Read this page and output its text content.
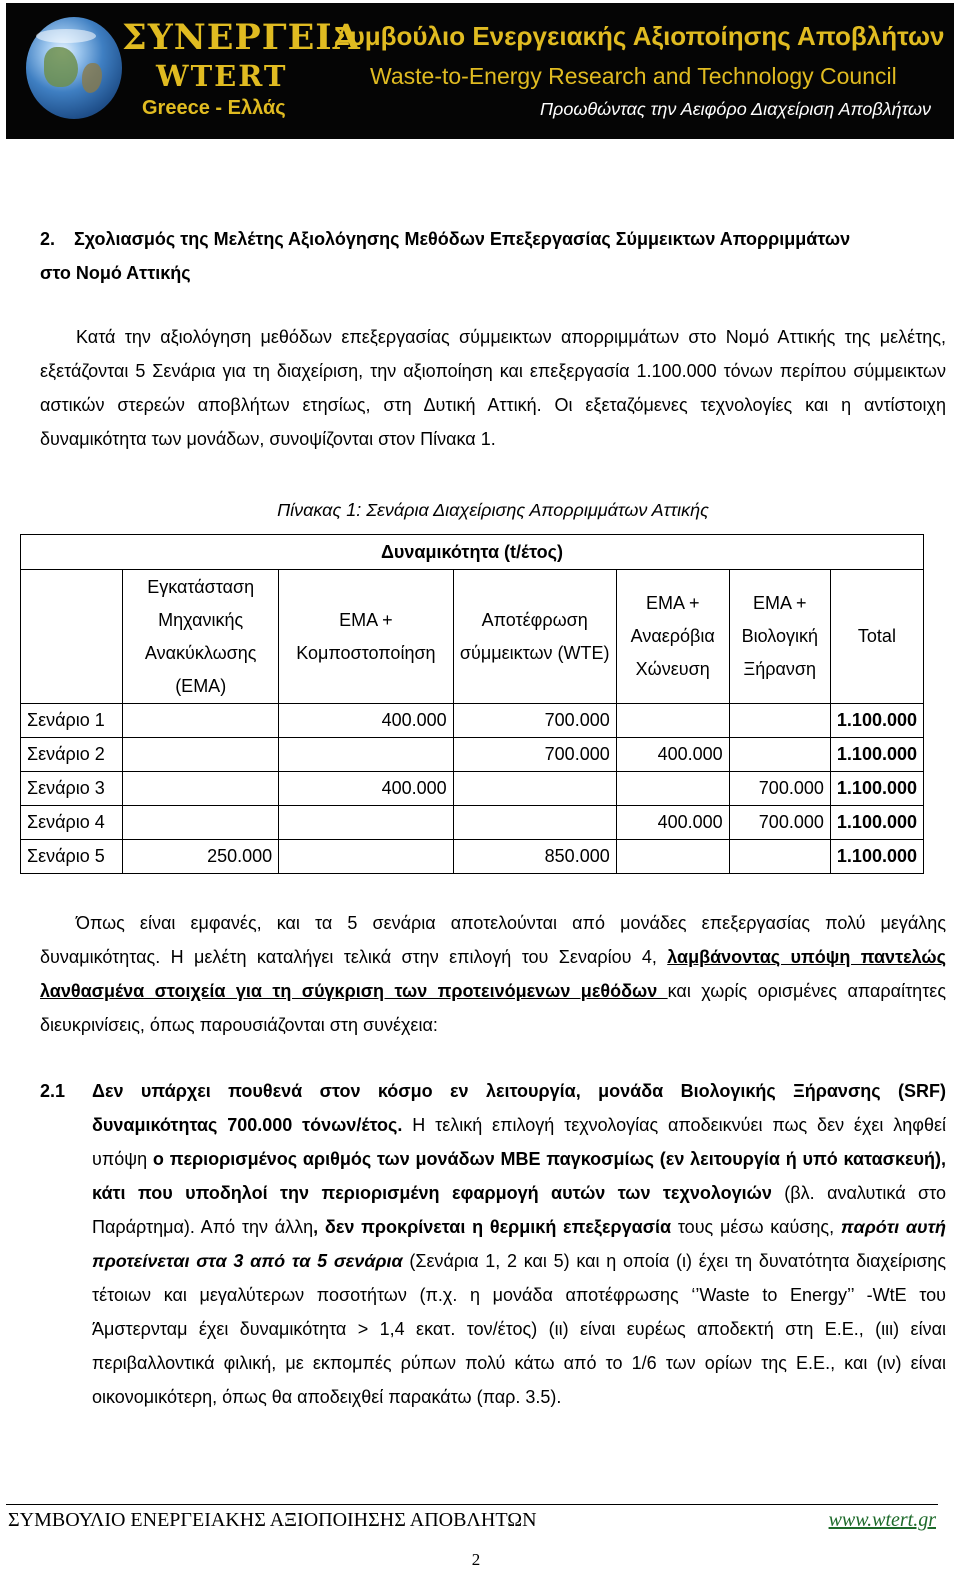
ΣΥΝΕΡΓΕΙΑ
WTERT
Greece - Ελλάς
Συμβούλιο Ενεργειακής Αξιοποίησης Αποβλήτων
Waste-to-Energy Research and Technology Council
Προωθώντας την Αειφόρο Διαχείριση Αποβλήτων
2. Σχολιασμός της Μελέτης Αξιολόγησης Μεθόδων Επεξεργασίας Σύμμεικτων Απορριμμάτων
στο Νομό Αττικής
Κατά την αξιολόγηση μεθόδων επεξεργασίας σύμμεικτων απορριμμάτων στο Νομό Αττικής της μελέτης, εξετάζονται 5 Σενάρια για τη διαχείριση, την αξιοποίηση και επεξεργασία 1.100.000 τόνων περίπου σύμμεικτων αστικών στερεών αποβλήτων ετησίως, στη Δυτική Αττική. Οι εξεταζόμενες τεχνολογίες και η αντίστοιχη δυναμικότητα των μονάδων, συνοψίζονται στον Πίνακα 1.
Πίνακας 1: Σενάρια Διαχείρισης Απορριμμάτων Αττικής
Δυναμικότητα (t/έτος)						
	Εγκατάσταση Μηχανικής Ανακύκλωσης (ΕΜΑ)	ΕΜΑ + Κομποστοποίηση	Αποτέφρωση σύμμεικτων (WTE)	ΕΜΑ + Αναερόβια Χώνευση	ΕΜΑ + Βιολογική Ξήρανση	Total
Σενάριο 1		400.000	700.000			1.100.000
Σενάριο 2			700.000	400.000		1.100.000
Σενάριο 3		400.000			700.000	1.100.000
Σενάριο 4				400.000	700.000	1.100.000
Σενάριο 5	250.000		850.000			1.100.000
Όπως είναι εμφανές, και τα 5 σενάρια αποτελούνται από μονάδες επεξεργασίας πολύ μεγάλης δυναμικότητας. Η μελέτη καταλήγει τελικά στην επιλογή του Σεναρίου 4, λαμβάνοντας υπόψη παντελώς λανθασμένα στοιχεία για τη σύγκριση των προτεινόμενων μεθόδων και χωρίς ορισμένες απαραίτητες διευκρινίσεις, όπως παρουσιάζονται στη συνέχεια:
2.1 Δεν υπάρχει πουθενά στον κόσμο εν λειτουργία, μονάδα Βιολογικής Ξήρανσης (SRF) δυναμικότητας 700.000 τόνων/έτος. Η τελική επιλογή τεχνολογίας αποδεικνύει πως δεν έχει ληφθεί υπόψη ο περιορισμένος αριθμός των μονάδων ΜΒΕ παγκοσμίως (εν λειτουργία ή υπό κατασκευή), κάτι που υποδηλοί την περιορισμένη εφαρμογή αυτών των τεχνολογιών (βλ. αναλυτικά στο Παράρτημα). Από την άλλη, δεν προκρίνεται η θερμική επεξεργασία τους μέσω καύσης, παρότι αυτή προτείνεται στα 3 από τα 5 σενάρια (Σενάρια 1, 2 και 5) και η οποία (ι) έχει τη δυνατότητα διαχείρισης τέτοιων και μεγαλύτερων ποσοτήτων (π.χ. η μονάδα αποτέφρωσης ‘’Waste to Energy’’ -WtE του Άμστερνταμ έχει δυναμικότητα > 1,4 εκατ. τον/έτος) (ιι) είναι ευρέως αποδεκτή στη Ε.Ε., (ιιι) είναι περιβαλλοντικά φιλική, με εκπομπές ρύπων πολύ κάτω από το 1/6 των ορίων της Ε.Ε., και (ιν) είναι οικονομικότερη, όπως θα αποδειχθεί παρακάτω (παρ. 3.5).
ΣΥΜΒΟΥΛΙΟ ΕΝΕΡΓΕΙΑΚΗΣ ΑΞΙΟΠΟΙΗΣΗΣ ΑΠΟΒΛΗΤΩΝ	www.wtert.gr
2
